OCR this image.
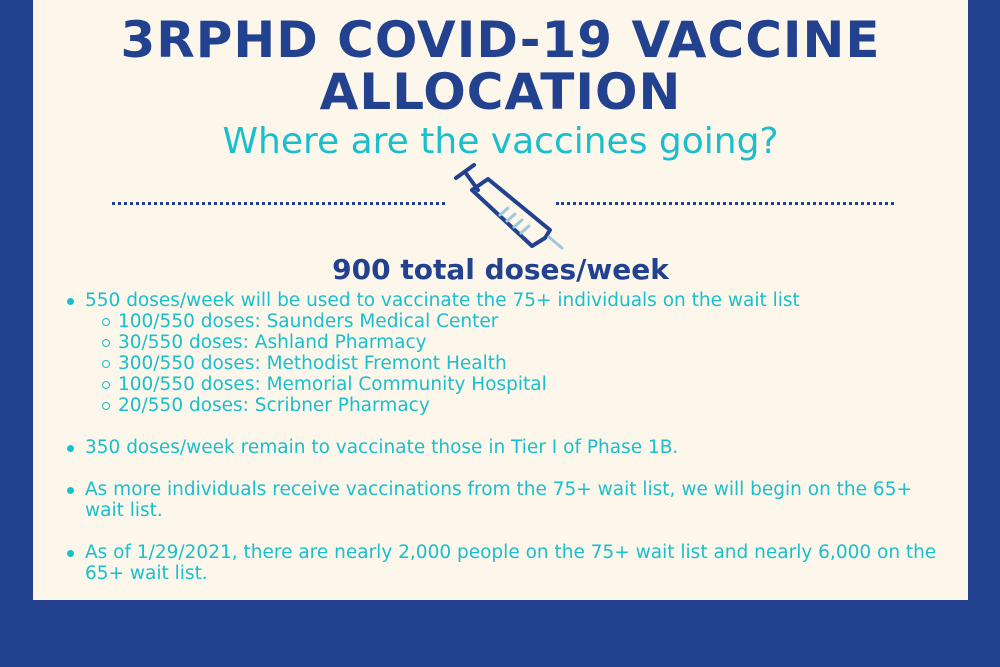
3RPHD COVID-19 VACCINE
ALLOCATION
Where are the vaccines going?
900 total doses/week
550 doses/week will be used to vaccinate the 75+ individuals on the wait list
100/550 doses: Saunders Medical Center
30/550 doses: Ashland Pharmacy
300/550 doses: Methodist Fremont Health
100/550 doses: Memorial Community Hospital
20/550 doses: Scribner Pharmacy
350 doses/week remain to vaccinate those in Tier I of Phase 1B.
As more individuals receive vaccinations from the 75+ wait list, we will begin on the 65+ wait list.
As of 1/29/2021, there are nearly 2,000 people on the 75+ wait list and nearly 6,000 on the 65+ wait list.
